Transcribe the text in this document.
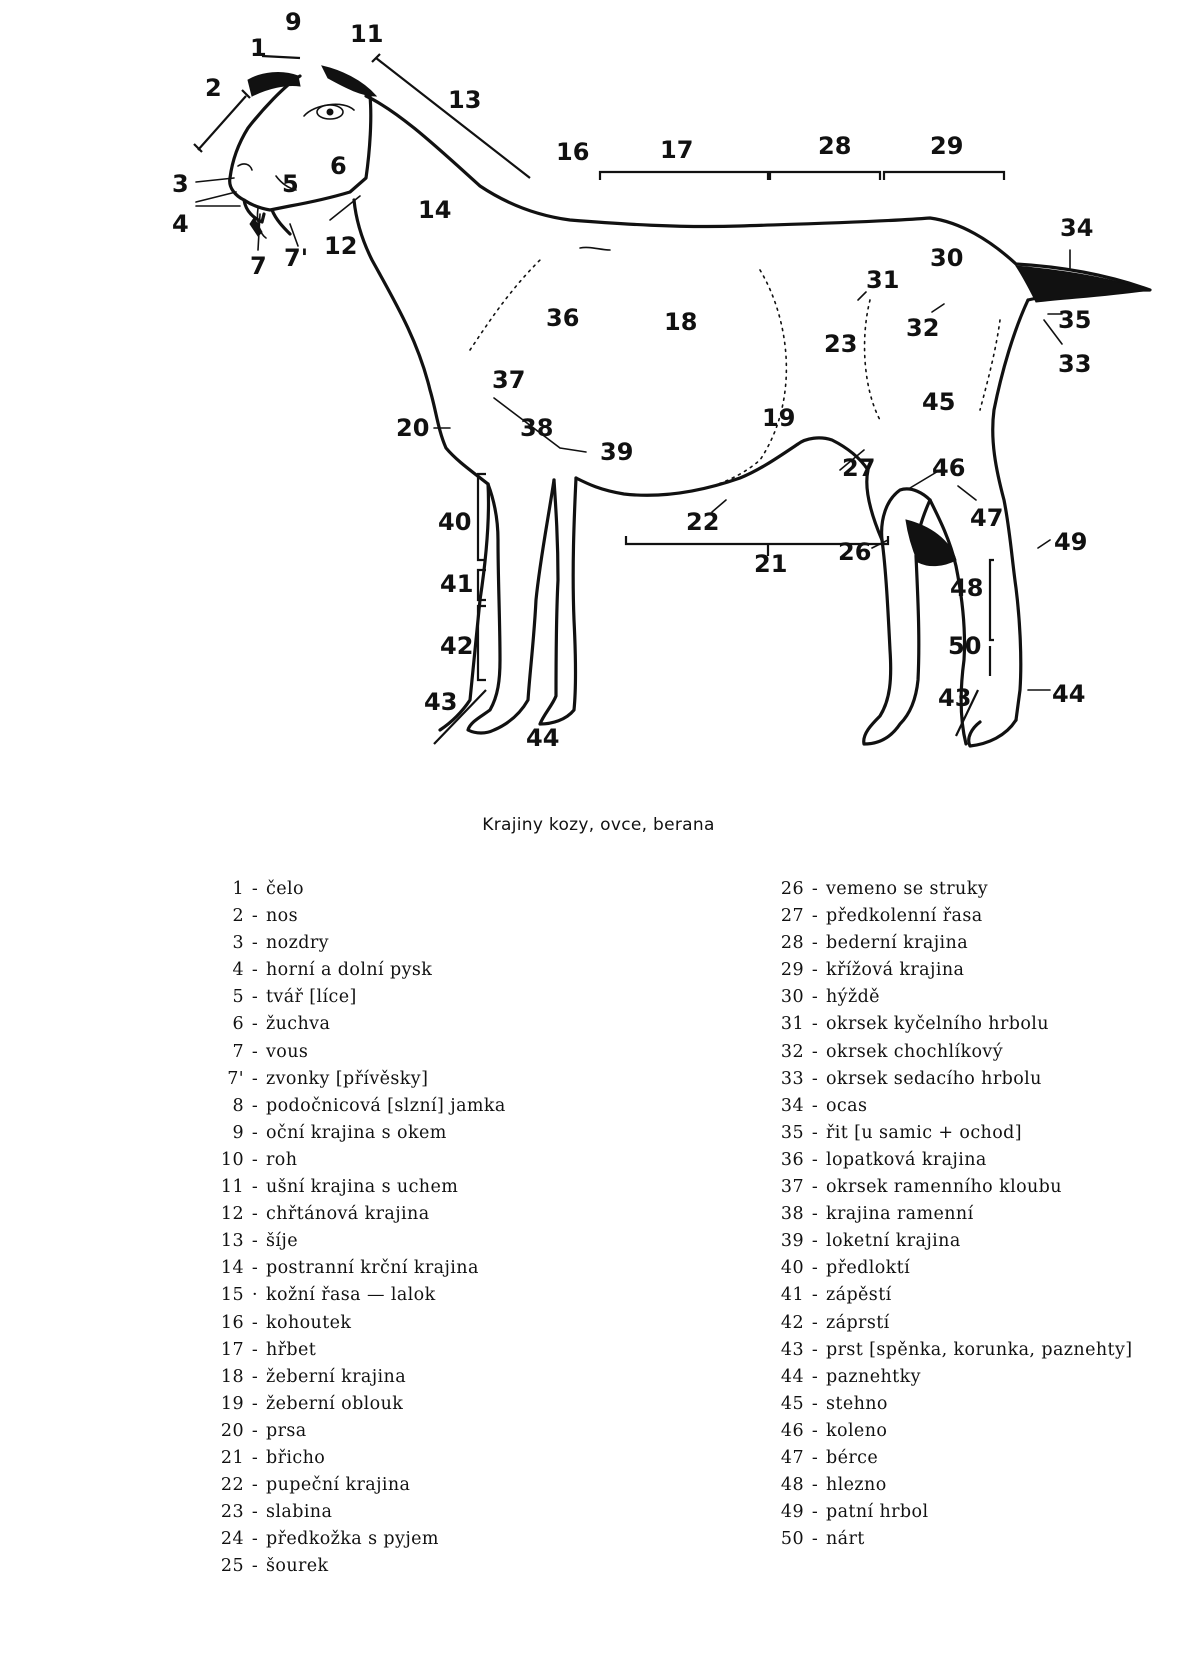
9
1	11
2	13
16	17	28	29
6
3	5
14
4	34
12
7 7'	30
31
36	18	32	35
23
33
37
45
19
20	38
39
27 46
47
40	22
49
26
21
41	48
42	50
43	43	44
44
Krajiny kozy, ovce, berana
1 - čelo
2 - nos
3 - nozdry
4 - horní a dolní pysk
5 - tvář [líce]
6 - žuchva
7 - vous
7' - zvonky [přívěsky]
8 - podočnicová [slzní] jamka
9 - oční krajina s okem
10 - roh
11 - ušní krajina s uchem
12 - chřtánová krajina
13 - šíje
14 - postranní krční krajina
15 · kožní řasa — lalok
16 - kohoutek
17 - hřbet
18 - žeberní krajina
19 - žeberní oblouk
20 - prsa
21 - břicho
22 - pupeční krajina
23 - slabina
24 - předkožka s pyjem
25 - šourek
26 - vemeno se struky
27 - předkolenní řasa
28 - bederní krajina
29 - křížová krajina
30 - hýždě
31 - okrsek kyčelního hrbolu
32 - okrsek chochlíkový
33 - okrsek sedacího hrbolu
34 - ocas
35 - řit [u samic + ochod]
36 - lopatková krajina
37 - okrsek ramenního kloubu
38 - krajina ramenní
39 - loketní krajina
40 - předloktí
41 - zápěstí
42 - záprstí
43 - prst [spěnka, korunka, paznehty]
44 - paznehtky
45 - stehno
46 - koleno
47 - bérce
48 - hlezno
49 - patní hrbol
50 - nárt
